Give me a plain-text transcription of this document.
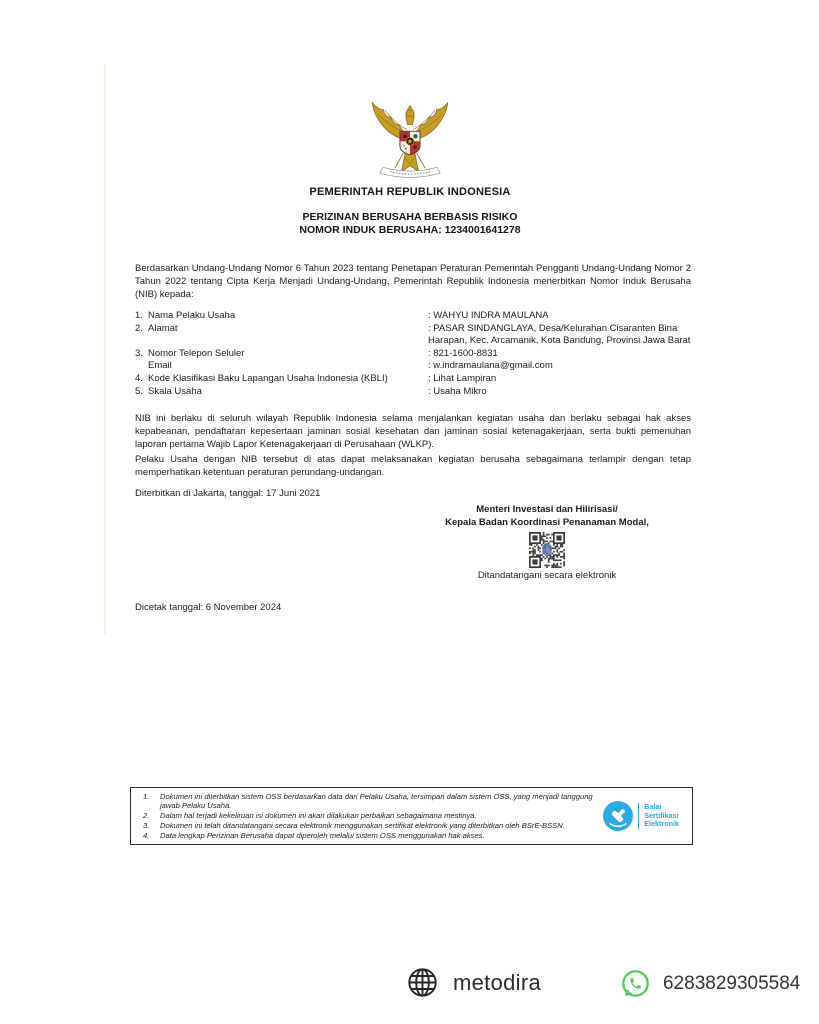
PEMERINTAH REPUBLIK INDONESIA
PERIZINAN BERUSAHA BERBASIS RISIKO
NOMOR INDUK BERUSAHA: 1234001641278

Berdasarkan Undang-Undang Nomor 6 Tahun 2023 tentang Penetapan Peraturan Pemerintah Pengganti Undang-Undang Nomor 2 Tahun 2022 tentang Cipta Kerja Menjadi Undang-Undang, Pemerintah Republik Indonesia menerbitkan Nomor Induk Berusaha (NIB) kepada:

1. Nama Pelaku Usaha	: WAHYU INDRA MAULANA
2. Alamat	: PASAR SINDANGLAYA, Desa/Kelurahan Cisaranten Bina Harapan, Kec. Arcamanik, Kota Bandung, Provinsi Jawa Barat
3. Nomor Telepon Seluler	: 821-1600-8831
Email	: w.indramaulana@gmail.com
4. Kode Klasifikasi Baku Lapangan Usaha Indonesia (KBLI)	: Lihat Lampiran
5. Skala Usaha	: Usaha Mikro

NIB ini berlaku di seluruh wilayah Republik Indonesia selama menjalankan kegiatan usaha dan berlaku sebagai hak akses kepabeanan, pendaftaran kepesertaan jaminan sosial kesehatan dan jaminan sosial ketenagakerjaan, serta bukti pemenuhan laporan pertama Wajib Lapor Ketenagakerjaan di Perusahaan (WLKP).

Pelaku Usaha dengan NIB tersebut di atas dapat melaksanakan kegiatan berusaha sebagaimana terlampir dengan tetap memperhatikan ketentuan peraturan perundang-undangan.

Diterbitkan di Jakarta, tanggal: 17 Juni 2021
Menteri Investasi dan Hilirisasi/
Kepala Badan Koordinasi Penanaman Modal,
Ditandatangani secara elektronik
Dicetak tanggal: 6 November 2024
1.	Dokumen ini diterbitkan sistem OSS berdasarkan data dari Pelaku Usaha, tersimpan dalam sistem OSS, yang menjadi tanggung jawab Pelaku Usaha.
2.	Dalam hal terjadi kekeliruan isi dokumen ini akan dilakukan perbaikan sebagaimana mestinya.
3.	Dokumen ini telah ditandatangani secara elektronik menggunakan sertifikat elektronik yang diterbitkan oleh BSrE-BSSN.
4.	Data lengkap Perizinan Berusaha dapat diperoleh melalui sistem OSS menggunakan hak akses.
Balai
Sertifikasi
Elektronik
metodira	6283829305584
